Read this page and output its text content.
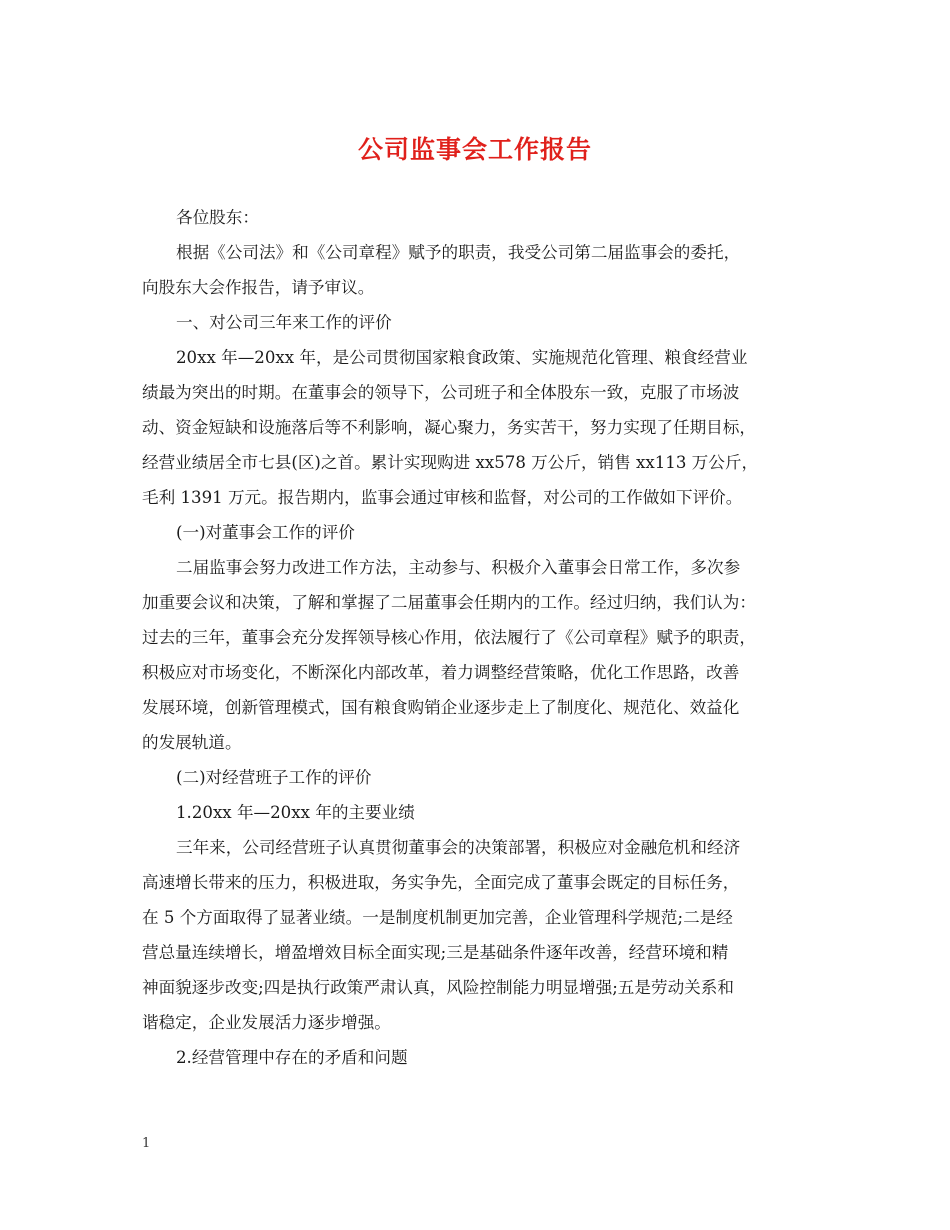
公司监事会工作报告
各位股东：
根据《公司法》和《公司章程》赋予的职责，我受公司第二届监事会的委托，
向股东大会作报告，请予审议。
一、对公司三年来工作的评价
20xx 年—20xx 年，是公司贯彻国家粮食政策、实施规范化管理、粮食经营业
绩最为突出的时期。在董事会的领导下，公司班子和全体股东一致，克服了市场波
动、资金短缺和设施落后等不利影响，凝心聚力，务实苦干，努力实现了任期目标，
经营业绩居全市七县(区)之首。累计实现购进 xx578 万公斤，销售 xx113 万公斤，
毛利 1391 万元。报告期内，监事会通过审核和监督，对公司的工作做如下评价。
(一)对董事会工作的评价
二届监事会努力改进工作方法，主动参与、积极介入董事会日常工作，多次参
加重要会议和决策，了解和掌握了二届董事会任期内的工作。经过归纳，我们认为：
过去的三年，董事会充分发挥领导核心作用，依法履行了《公司章程》赋予的职责，
积极应对市场变化，不断深化内部改革，着力调整经营策略，优化工作思路，改善
发展环境，创新管理模式，国有粮食购销企业逐步走上了制度化、规范化、效益化
的发展轨道。
(二)对经营班子工作的评价
1.20xx 年—20xx 年的主要业绩
三年来，公司经营班子认真贯彻董事会的决策部署，积极应对金融危机和经济
高速增长带来的压力，积极进取，务实争先，全面完成了董事会既定的目标任务，
在 5 个方面取得了显著业绩。一是制度机制更加完善，企业管理科学规范;二是经
营总量连续增长，增盈增效目标全面实现;三是基础条件逐年改善，经营环境和精
神面貌逐步改变;四是执行政策严肃认真，风险控制能力明显增强;五是劳动关系和
谐稳定，企业发展活力逐步增强。
2.经营管理中存在的矛盾和问题
1
